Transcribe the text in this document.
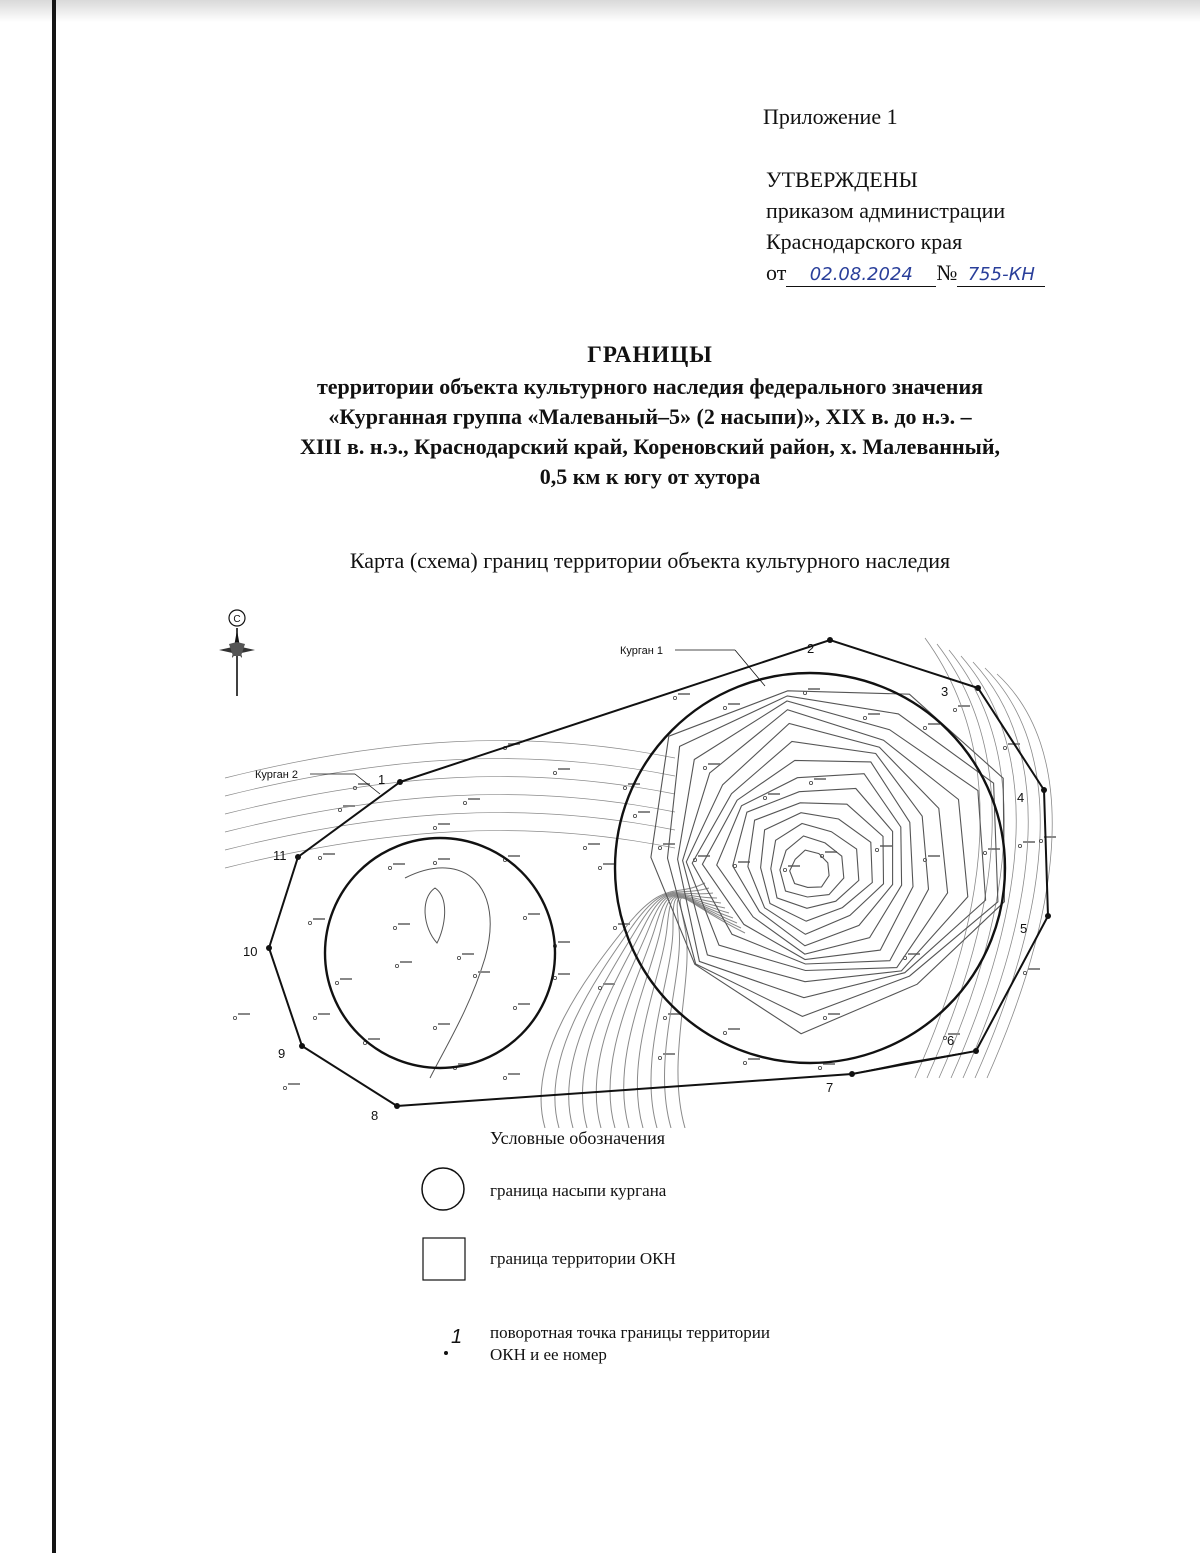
Приложение 1
УТВЕРЖДЕНЫ
приказом администрации
Краснодарского края
от	02.08.2024	№ 755-КН
ГРАНИЦЫ
территории объекта культурного наследия федерального значения
«Курганная группа «Малеваный–5» (2 насыпи)», XIX в. до н.э. –
XIII в. н.э., Краснодарский край, Кореновский район, х. Малеванный,
0,5 км к югу от хутора
Карта (схема) границ территории объекта культурного наследия
1
2
3
4
5
6
7
8
9
10
11
Курган 1
Курган 2
С
Условные обозначения
1
граница насыпи кургана
граница территории ОКН
поворотная точка границы территории
ОКН и ее номер
